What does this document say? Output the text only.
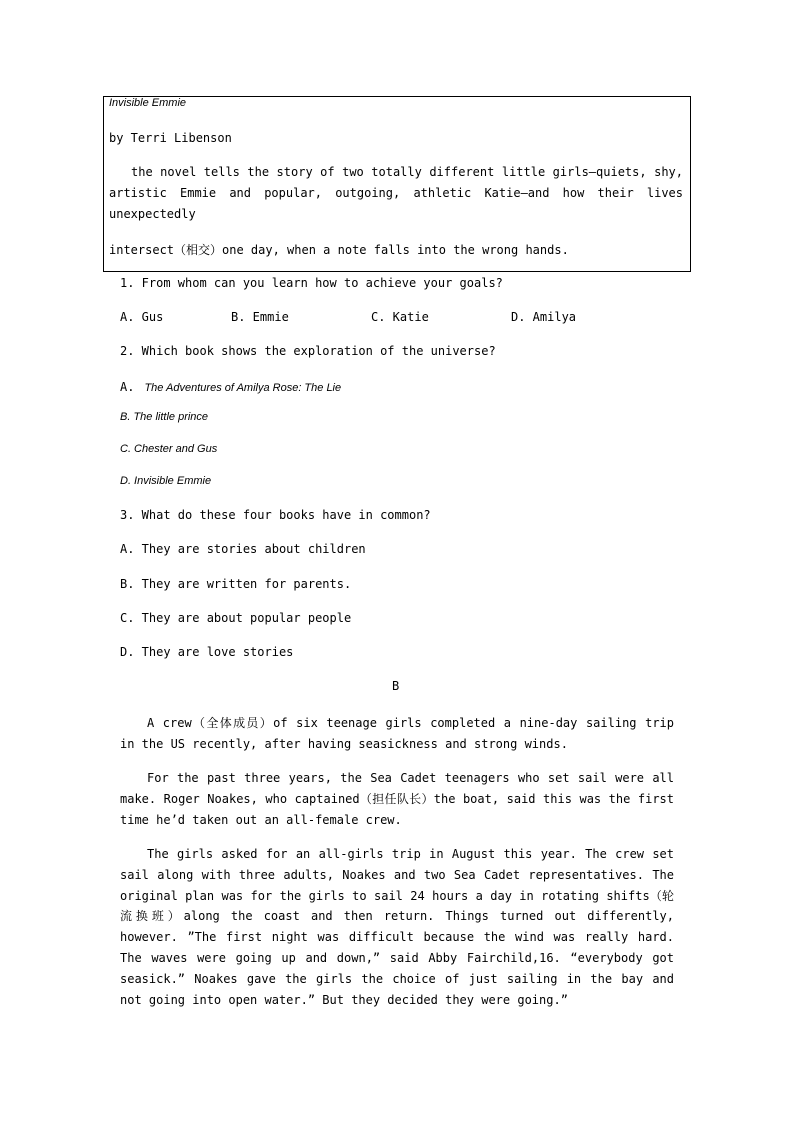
Invisible Emmie
by Terri Libenson
the novel tells the story of two totally different little girls—quiets, shy,
artistic Emmie and popular, outgoing, athletic Katie—and how their lives
unexpectedly
intersect（相交）one day, when a note falls into the wrong hands.
1. From whom can you learn how to achieve your goals?
A. Gus	B. Emmie	C. Katie	D. Amilya
2. Which book shows the exploration of the universe?
A. The Adventures of Amilya Rose: The Lie
B. The little prince
C. Chester and Gus
D. Invisible Emmie
3. What do these four books have in common?
A. They are stories about children
B. They are written for parents.
C. They are about popular people
D. They are love stories
B
A crew（全体成员）of six teenage girls completed a nine-day sailing trip in the US recently, after having seasickness and strong winds.
For the past three years, the Sea Cadet teenagers who set sail were all make. Roger Noakes, who captained（担任队长）the boat, said this was the first time he’d taken out an all-female crew.
The girls asked for an all-girls trip in August this year. The crew set sail along with three adults, Noakes and two Sea Cadet representatives. The original plan was for the girls to sail 24 hours a day in rotating shifts（轮流换班）along the coast and then return. Things turned out differently, however. ”The first night was difficult because the wind was really hard. The waves were going up and down,” said Abby Fairchild,16. “everybody got seasick.” Noakes gave the girls the choice of just sailing in the bay and not going into open water.” But they decided they were going.”
